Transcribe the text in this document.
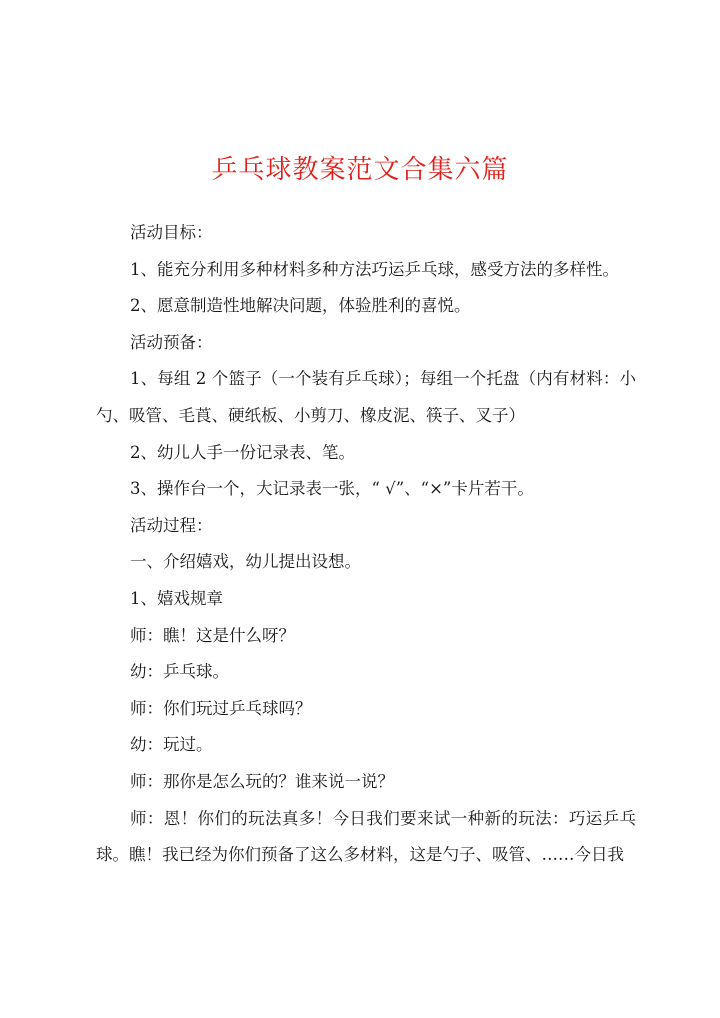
乒乓球教案范文合集六篇

活动目标：

1、能充分利用多种材料多种方法巧运乒乓球，感受方法的多样性。

2、愿意制造性地解决问题，体验胜利的喜悦。

活动预备：

1、每组 2 个篮子（一个装有乒乓球）；每组一个托盘（内有材料：小勺、吸管、毛莨、硬纸板、小剪刀、橡皮泥、筷子、叉子）

2、幼儿人手一份记录表、笔。

3、操作台一个，大记录表一张，“ √”、“×”卡片若干。

活动过程：

一、介绍嬉戏，幼儿提出设想。

1、嬉戏规章

师：瞧！这是什么呀？

幼：乒乓球。

师：你们玩过乒乓球吗？

幼：玩过。

师：那你是怎么玩的？谁来说一说？

师：恩！你们的玩法真多！今日我们要来试一种新的玩法：巧运乒乓球。瞧！我已经为你们预备了这么多材料，这是勺子、吸管、……今日我
